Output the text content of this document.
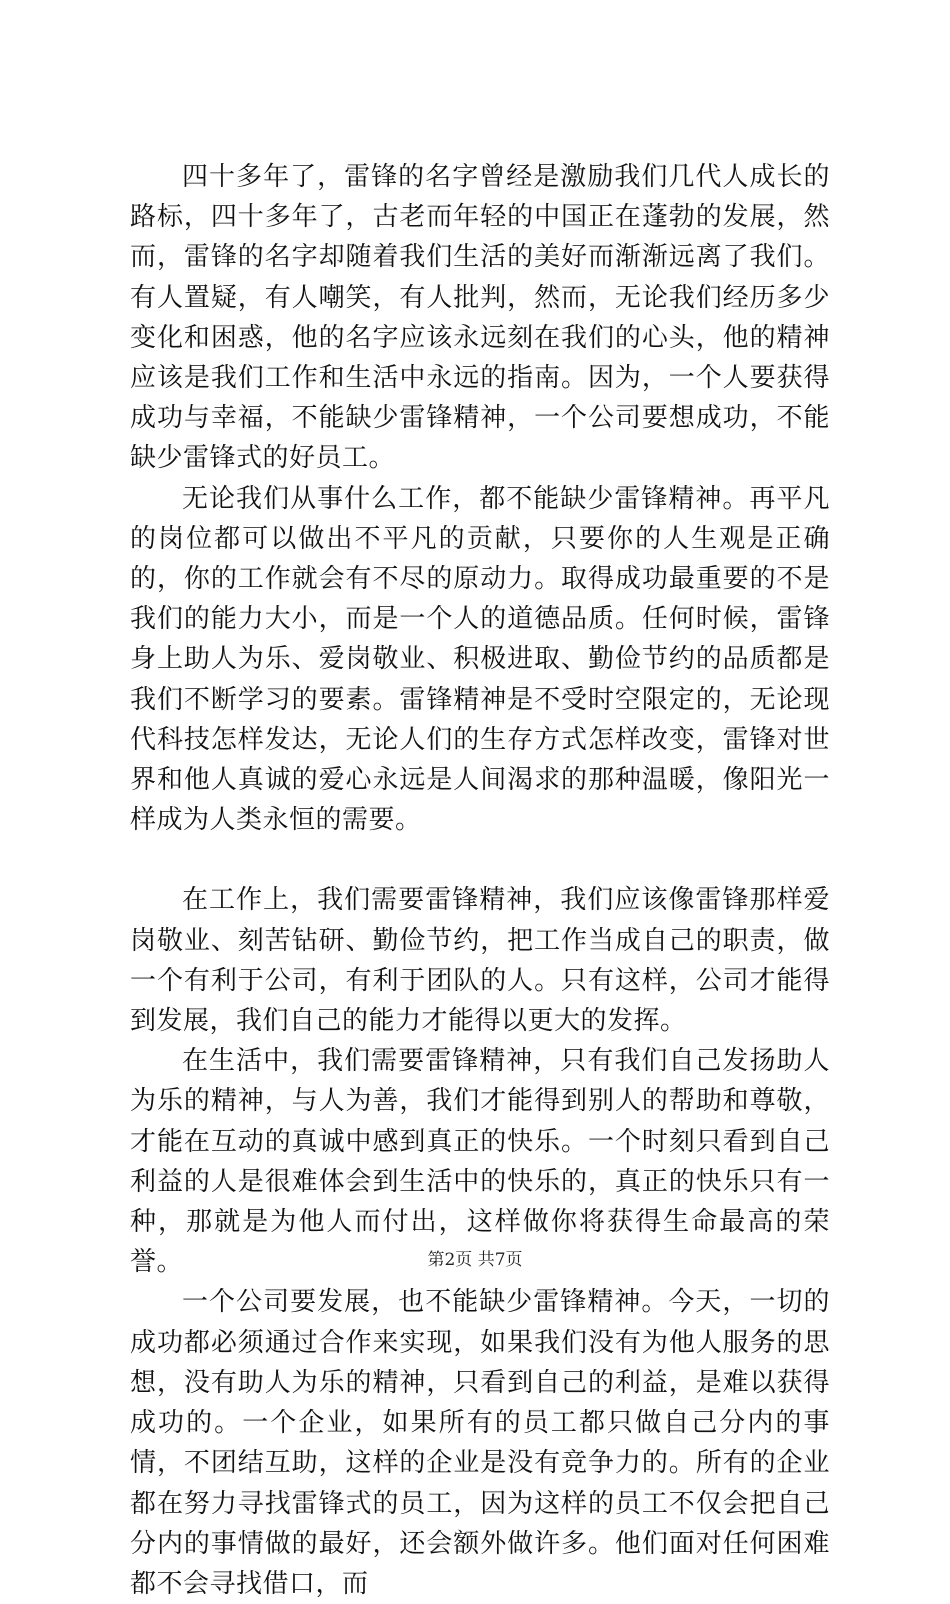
四十多年了，雷锋的名字曾经是激励我们几代人成长的路标，四十多年了，古老而年轻的中国正在蓬勃的发展，然而，雷锋的名字却随着我们生活的美好而渐渐远离了我们。有人置疑，有人嘲笑，有人批判，然而，无论我们经历多少变化和困惑，他的名字应该永远刻在我们的心头，他的精神应该是我们工作和生活中永远的指南。因为，一个人要获得成功与幸福，不能缺少雷锋精神，一个公司要想成功，不能缺少雷锋式的好员工。

无论我们从事什么工作，都不能缺少雷锋精神。再平凡的岗位都可以做出不平凡的贡献，只要你的人生观是正确的，你的工作就会有不尽的原动力。取得成功最重要的不是我们的能力大小，而是一个人的道德品质。任何时候，雷锋身上助人为乐、爱岗敬业、积极进取、勤俭节约的品质都是我们不断学习的要素。雷锋精神是不受时空限定的，无论现代科技怎样发达，无论人们的生存方式怎样改变，雷锋对世界和他人真诚的爱心永远是人间渴求的那种温暖，像阳光一样成为人类永恒的需要。

在工作上，我们需要雷锋精神，我们应该像雷锋那样爱岗敬业、刻苦钻研、勤俭节约，把工作当成自己的职责，做一个有利于公司，有利于团队的人。只有这样，公司才能得到发展，我们自己的能力才能得以更大的发挥。

在生活中，我们需要雷锋精神，只有我们自己发扬助人为乐的精神，与人为善，我们才能得到别人的帮助和尊敬，才能在互动的真诚中感到真正的快乐。一个时刻只看到自己利益的人是很难体会到生活中的快乐的，真正的快乐只有一种，那就是为他人而付出，这样做你将获得生命最高的荣誉。

一个公司要发展，也不能缺少雷锋精神。今天，一切的成功都必须通过合作来实现，如果我们没有为他人服务的思想，没有助人为乐的精神，只看到自己的利益，是难以获得成功的。一个企业，如果所有的员工都只做自己分内的事情，不团结互助，这样的企业是没有竞争力的。所有的企业都在努力寻找雷锋式的员工，因为这样的员工不仅会把自己分内的事情做的最好，还会额外做许多。他们面对任何困难都不会寻找借口，而

第2页 共7页
